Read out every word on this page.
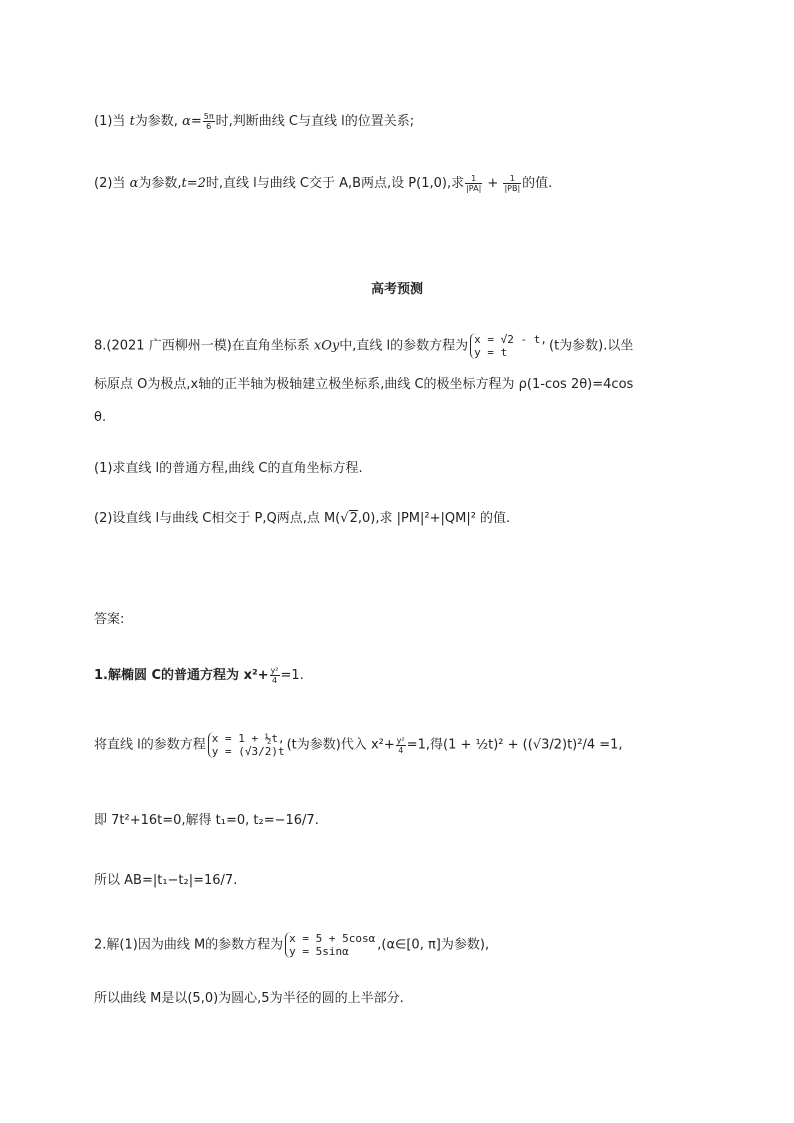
(1)当 t为参数, $\alpha= \frac{5\pi}{6}$ 时,判断曲线 C与直线 l的位置关系;
(2)当 α为参数,t=2时,直线 l与曲线 C交于 A,B两点,设 P(1,0),求 $\frac{1}{|PA|} + \frac{1}{|PB|}$ 的值.
高考预测
8.(2021 广西柳州一模)在直角坐标系 xOy中,直线 l的参数方程为 x = √2 - t,
y = t	(t为参数).以坐
标原点 O为极点,x轴的正半轴为极轴建立极坐标系,曲线 C的极坐标方程为 ρ(1-cos 2θ)=4cos
θ.
(1)求直线 l的普通方程,曲线 C的直角坐标方程.
(2)设直线 l与曲线 C相交于 P,Q两点,点 M(√2,0),求 |PM|²+|QM|² 的值.
答案:
1.解椭圆 C的普通方程为 $x^2+ \frac{\text{y²}}{4} =1$.
将直线 l的参数方程 x = 1 + ½t,
y = (√3/2)t (t为参数)代入 $x^2+ \frac{\text{y²}}{4} =1$,得(1 + ½t)² + ((√3/2)t)²/4 =1,
即 7t²+16t=0,解得 t₁=0, t₂=−16/7.
所以 AB=|t₁−t₂|=16/7.
2.解(1)因为曲线 M的参数方程为 x = 5 + 5cosα
y = 5sinα	,(α∈[0, π]为参数),
所以曲线 M是以(5,0)为圆心,5为半径的圆的上半部分.
